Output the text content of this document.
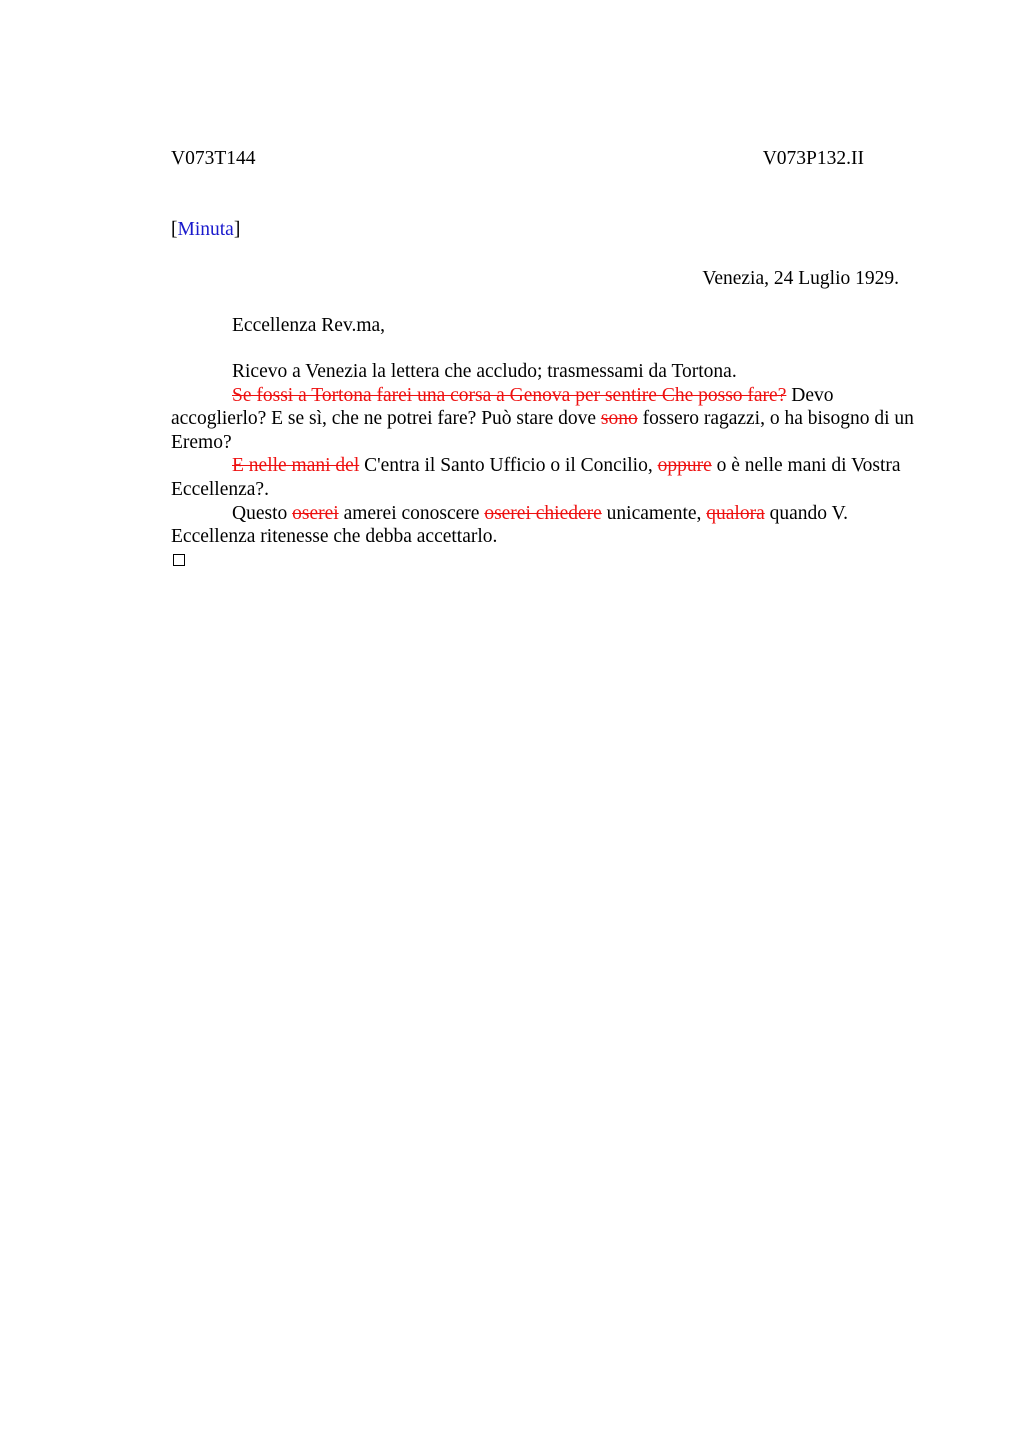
V073T144	V073P132.II
[Minuta]
Venezia, 24 Luglio 1929.
Eccellenza Rev.ma,

Ricevo a Venezia la lettera che accludo; trasmessami da Tortona.

Se fossi a Tortona farei una corsa a Genova per sentire Che posso fare? Devo accoglierlo? E se sì, che ne potrei fare? Può stare dove sono fossero ragazzi, o ha bisogno di un Eremo?

E nelle mani del C'entra il Santo Ufficio o il Concilio, oppure o è nelle mani di Vostra Eccellenza?.

Questo oserei amerei conoscere oserei chiedere unicamente, qualora quando V. Eccellenza ritenesse che debba accettarlo.
